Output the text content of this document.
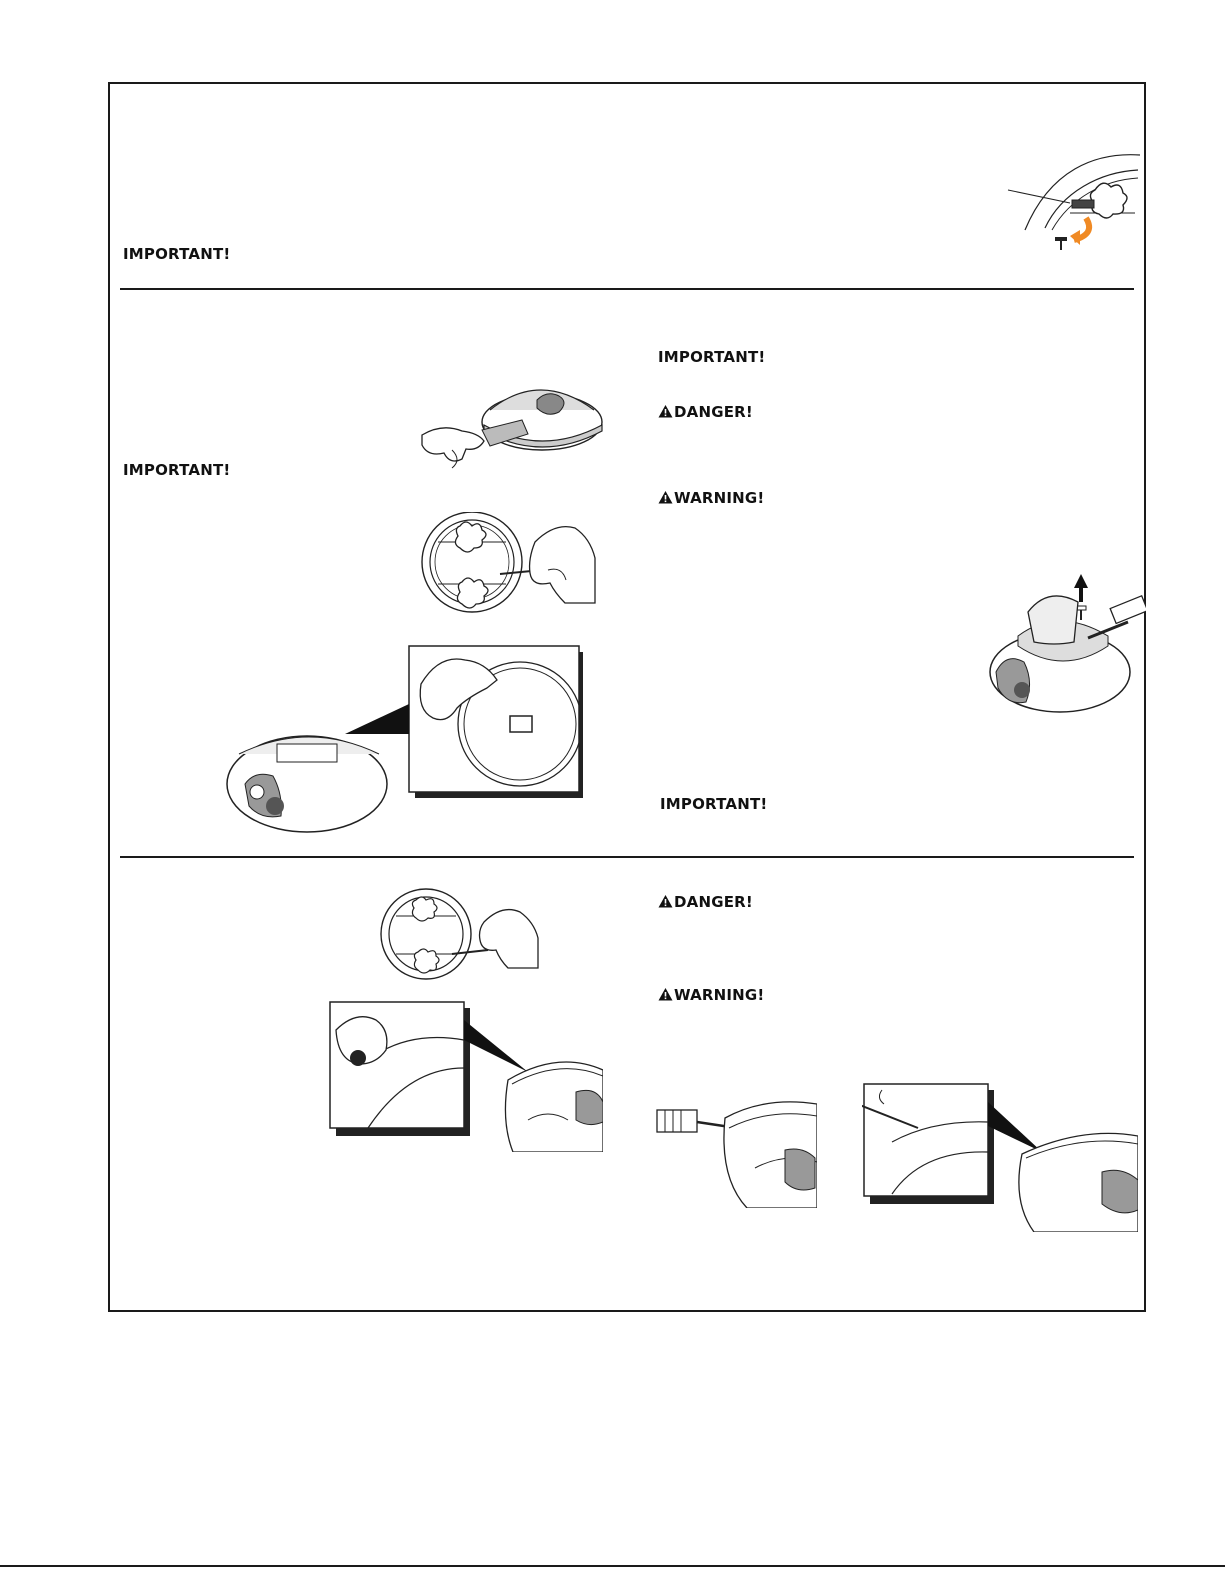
IMPORTANT!
IMPORTANT!
IMPORTANT!
DANGER!
WARNING!
IMPORTANT!
DANGER!
WARNING!
